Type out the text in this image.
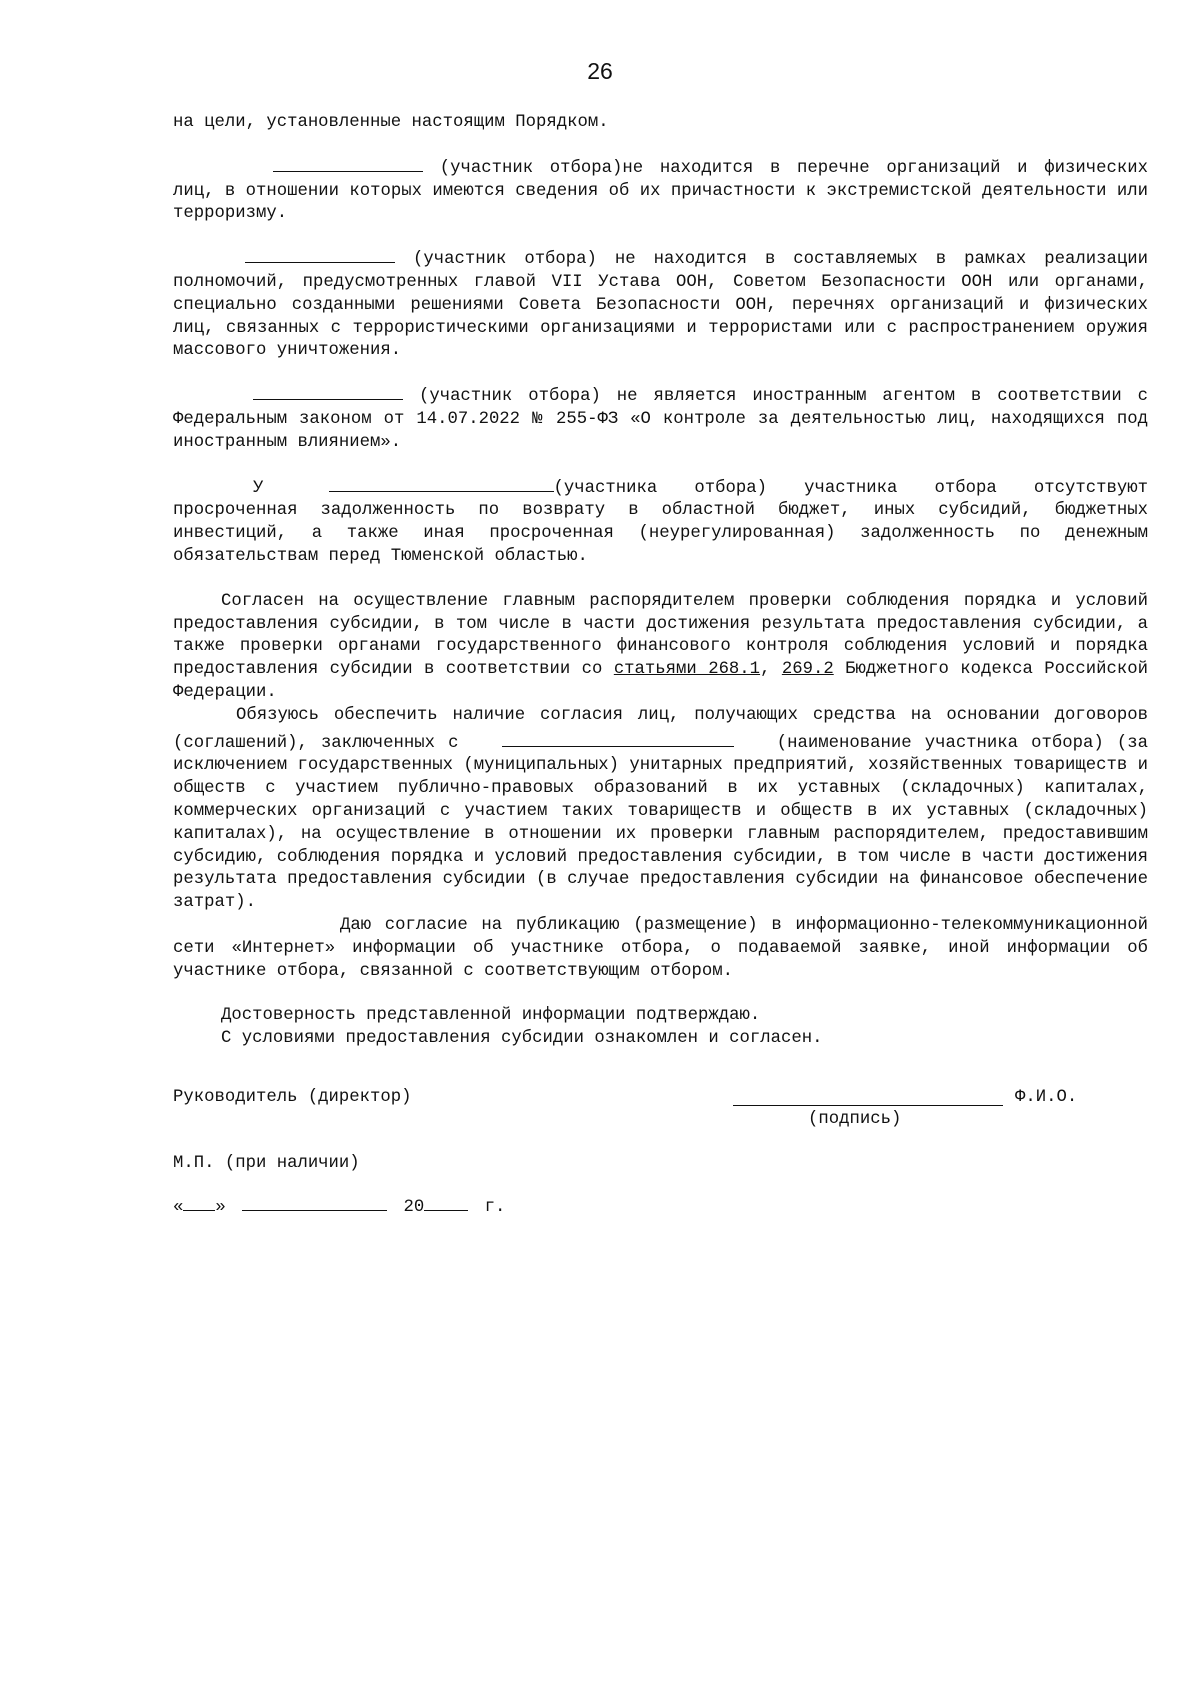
26

на цели, установленные настоящим Порядком.

(участник отбора)не находится в перечне организаций и физических лиц, в отношении которых имеются сведения об их причастности к экстремистской деятельности или терроризму.

(участник отбора) не находится в составляемых в рамках реализации полномочий, предусмотренных главой VII Устава ООН, Советом Безопасности ООН или органами, специально созданными решениями Совета Безопасности ООН, перечнях организаций и физических лиц, связанных с террористическими организациями и террористами или с распространением оружия массового уничтожения.

(участник отбора) не является иностранным агентом в соответствии с Федеральным законом от 14.07.2022 № 255-ФЗ «О контроле за деятельностью лиц, находящихся под иностранным влиянием».

У	(участника отбора) участника отбора отсутствуют просроченная задолженность по возврату в областной бюджет, иных субсидий, бюджетных инвестиций, а также иная просроченная (неурегулированная) задолженность по денежным обязательствам перед Тюменской областью.

Согласен на осуществление главным распорядителем проверки соблюдения порядка и условий предоставления субсидии, в том числе в части достижения результата предоставления субсидии, а также проверки органами государственного финансового контроля соблюдения условий и порядка предоставления субсидии в соответствии со статьями 268.1, 269.2 Бюджетного кодекса Российской Федерации.

Обязуюсь обеспечить наличие согласия лиц, получающих средства на основании договоров (соглашений), заключенных с	(наименование участника отбора) (за исключением государственных (муниципальных) унитарных предприятий, хозяйственных товариществ и обществ с участием публично-правовых образований в их уставных (складочных) капиталах, коммерческих организаций с участием таких товариществ и обществ в их уставных (складочных) капиталах), на осуществление в отношении их проверки главным распорядителем, предоставившим субсидию, соблюдения порядка и условий предоставления субсидии, в том числе в части достижения результата предоставления субсидии (в случае предоставления субсидии на финансовое обеспечение затрат).

Даю согласие на публикацию (размещение) в информационно-телекоммуникационной сети «Интернет» информации об участнике отбора, о подаваемой заявке, иной информации об участнике отбора, связанной с соответствующим отбором.

Достоверность представленной информации подтверждаю.

С условиями предоставления субсидии ознакомлен и согласен.

Руководитель (директор)	Ф.И.О.
(подпись)
М.П. (при наличии)
« »	20	г.
